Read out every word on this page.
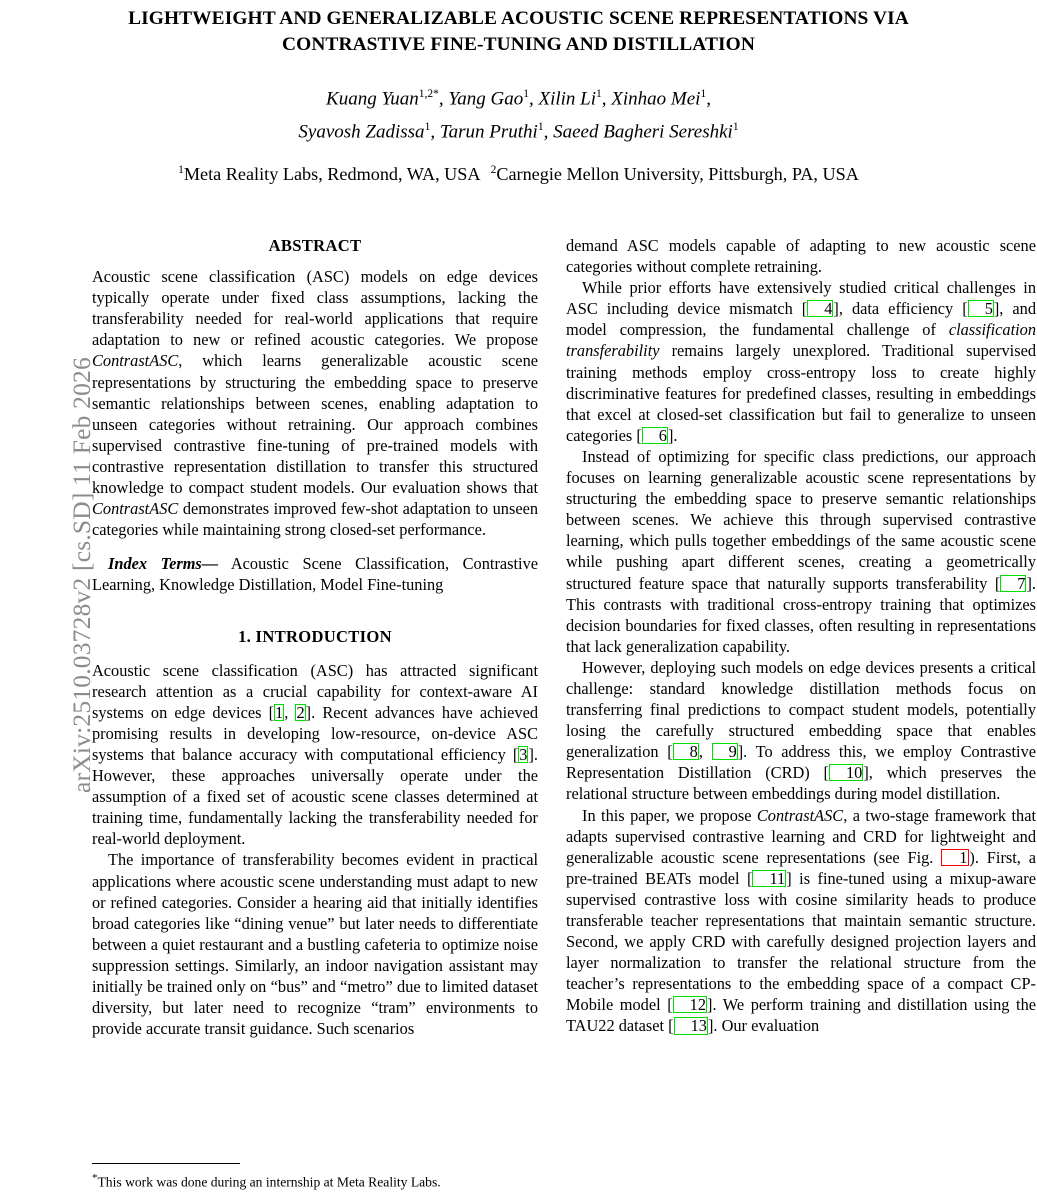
arXiv:2510.03728v2 [cs.SD] 11 Feb 2026
LIGHTWEIGHT AND GENERALIZABLE ACOUSTIC SCENE REPRESENTATIONS VIA
CONTRASTIVE FINE-TUNING AND DISTILLATION
Kuang Yuan$^{1,2*}$, Yang Gao$^1$, Xilin Li$^1$, Xinhao Mei$^1$,
Syavosh Zadissa$^1$, Tarun Pruthi$^1$, Saeed Bagheri Sereshki$^1$
$^1$Meta Reality Labs, Redmond, WA, USA $^2$Carnegie Mellon University, Pittsburgh, PA, USA
ABSTRACT

Acoustic scene classification (ASC) models on edge devices typically operate under fixed class assumptions, lacking the transferability needed for real-world applications that require adaptation to new or refined acoustic categories. We propose ContrastASC, which learns generalizable acoustic scene representations by structuring the embedding space to preserve semantic relationships between scenes, enabling adaptation to unseen categories without retraining. Our approach combines supervised contrastive fine-tuning of pre-trained models with contrastive representation distillation to transfer this structured knowledge to compact student models. Our evaluation shows that ContrastASC demonstrates improved few-shot adaptation to unseen categories while maintaining strong closed-set performance.

Index Terms— Acoustic Scene Classification, Contrastive Learning, Knowledge Distillation, Model Fine-tuning

1. INTRODUCTION

Acoustic scene classification (ASC) has attracted significant research attention as a crucial capability for context-aware AI systems on edge devices [1, 2]. Recent advances have achieved promising results in developing low-resource, on-device ASC systems that balance accuracy with computational efficiency [3]. However, these approaches universally operate under the assumption of a fixed set of acoustic scene classes determined at training time, fundamentally lacking the transferability needed for real-world deployment.

The importance of transferability becomes evident in practical applications where acoustic scene understanding must adapt to new or refined categories. Consider a hearing aid that initially identifies broad categories like “dining venue” but later needs to differentiate between a quiet restaurant and a bustling cafeteria to optimize noise suppression settings. Similarly, an indoor navigation assistant may initially be trained only on “bus” and “metro” due to limited dataset diversity, but later need to recognize “tram” environments to provide accurate transit guidance. Such scenarios

demand ASC models capable of adapting to new acoustic scene categories without complete retraining.

While prior efforts have extensively studied critical challenges in ASC including device mismatch [ 4], data efficiency [ 5], and model compression, the fundamental challenge of classification transferability remains largely unexplored. Traditional supervised training methods employ cross-entropy loss to create highly discriminative features for predefined classes, resulting in embeddings that excel at closed-set classification but fail to generalize to unseen categories [ 6].

Instead of optimizing for specific class predictions, our approach focuses on learning generalizable acoustic scene representations by structuring the embedding space to preserve semantic relationships between scenes. We achieve this through supervised contrastive learning, which pulls together embeddings of the same acoustic scene while pushing apart different scenes, creating a geometrically structured feature space that naturally supports transferability [ 7]. This contrasts with traditional cross-entropy training that optimizes decision boundaries for fixed classes, often resulting in representations that lack generalization capability.

However, deploying such models on edge devices presents a critical challenge: standard knowledge distillation methods focus on transferring final predictions to compact student models, potentially losing the carefully structured embedding space that enables generalization [ 8, 9]. To address this, we employ Contrastive Representation Distillation (CRD) [ 10], which preserves the relational structure between embeddings during model distillation.

In this paper, we propose ContrastASC, a two-stage framework that adapts supervised contrastive learning and CRD for lightweight and generalizable acoustic scene representations (see Fig. 1 ). First, a pre-trained BEATs model [ 11] is fine-tuned using a mixup-aware supervised contrastive loss with cosine similarity heads to produce transferable teacher representations that maintain semantic structure. Second, we apply CRD with carefully designed projection layers and layer normalization to transfer the relational structure from the teacher’s representations to the embedding space of a compact CP-Mobile model [ 12]. We perform training and distillation using the TAU22 dataset [ 13]. Our evaluation

*This work was done during an internship at Meta Reality Labs.
